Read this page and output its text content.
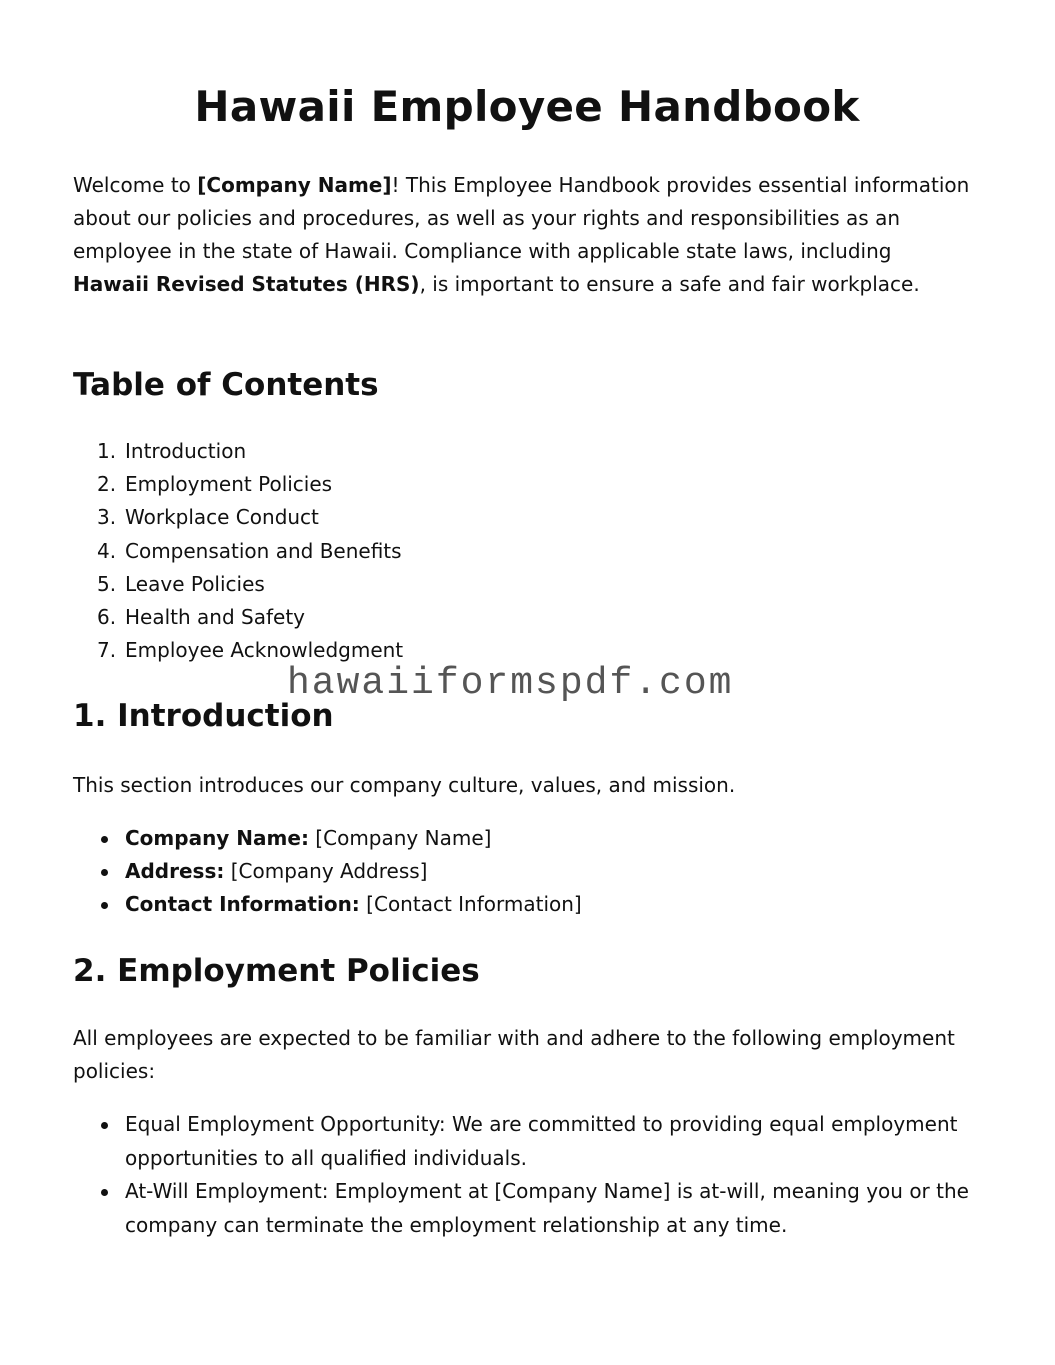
Hawaii Employee Handbook

Welcome to [Company Name]! This Employee Handbook provides essential information about our policies and procedures, as well as your rights and responsibilities as an employee in the state of Hawaii. Compliance with applicable state laws, including Hawaii Revised Statutes (HRS), is important to ensure a safe and fair workplace.

Table of Contents
1. Introduction
2. Employment Policies
3. Workplace Conduct
4. Compensation and Benefits
5. Leave Policies
6. Health and Safety
7. Employee Acknowledgment
1. Introduction

This section introduces our company culture, values, and mission.

Company Name: [Company Name]
Address: [Company Address]
Contact Information: [Contact Information]
2. Employment Policies

All employees are expected to be familiar with and adhere to the following employment policies:

Equal Employment Opportunity: We are committed to providing equal employment opportunities to all qualified individuals.
At-Will Employment: Employment at [Company Name] is at-will, meaning you or the company can terminate the employment relationship at any time.
hawaiiformspdf.com
